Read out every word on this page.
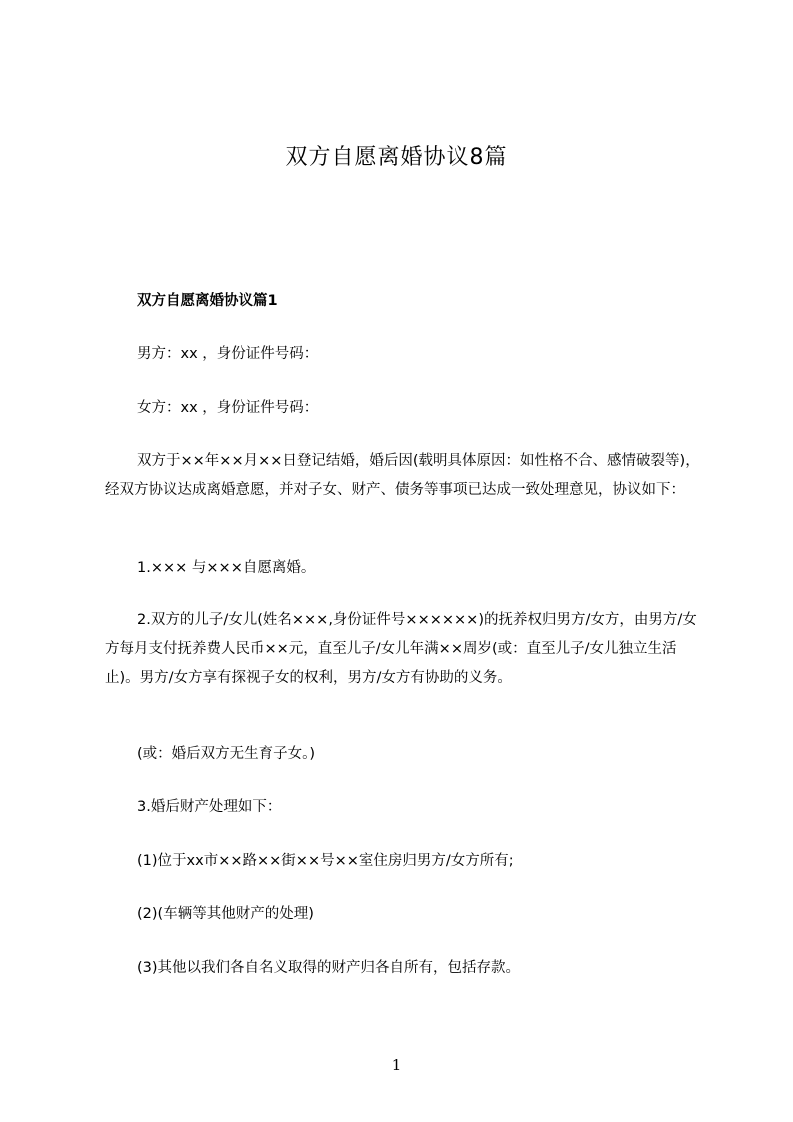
双方自愿离婚协议8篇
双方自愿离婚协议篇1
男方：xx ，身份证件号码：
女方：xx ，身份证件号码：
双方于××年××月××日登记结婚，婚后因(载明具体原因：如性格不合、感情破裂等)，经双方协议达成离婚意愿，并对子女、财产、债务等事项已达成一致处理意见，协议如下：
1.××× 与×××自愿离婚。
2.双方的儿子/女儿(姓名×××,身份证件号××××××)的抚养权归男方/女方，由男方/女方每月支付抚养费人民币××元，直至儿子/女儿年满××周岁(或：直至儿子/女儿独立生活止)。男方/女方享有探视子女的权利，男方/女方有协助的义务。
(或：婚后双方无生育子女。)
3.婚后财产处理如下：
(1)位于xx市××路××街××号××室住房归男方/女方所有;
(2)(车辆等其他财产的处理)
(3)其他以我们各自名义取得的财产归各自所有，包括存款。
1
